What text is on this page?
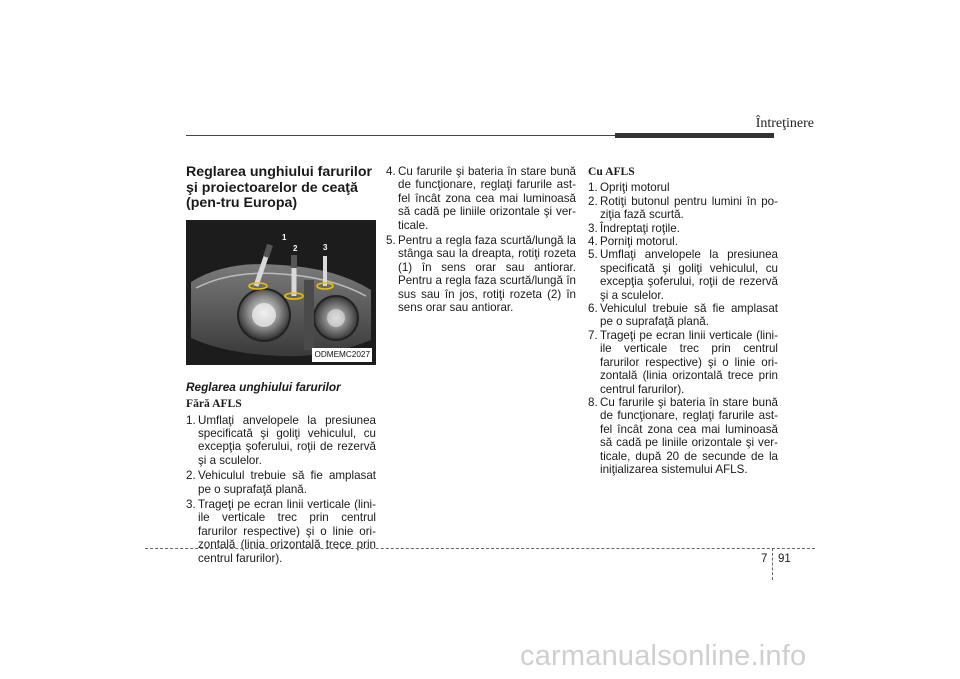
Întreţinere
Reglarea unghiului farurilor şi proiectoarelor de ceaţă (pen-tru Europa)
1
2	3
ODMEMC2027
Reglarea unghiului farurilor
Fără AFLS
1. Umflaţi anvelopele la presiunea specificată şi goliţi vehiculul, cu excepţia şoferului, roţii de rezervă şi a sculelor.
2. Vehiculul trebuie să fie amplasat pe o suprafaţă plană.
3. Trageţi pe ecran linii verticale (lini-ile verticale trec prin centrul farurilor respective) şi o linie ori-zontală (linia orizontală trece prin centrul farurilor).
4. Cu farurile şi bateria în stare bună de funcţionare, reglaţi farurile ast-fel încât zona cea mai luminoasă să cadă pe liniile orizontale şi ver-ticale.
5. Pentru a regla faza scurtă/lungă la stânga sau la dreapta, rotiţi rozeta (1) în sens orar sau antiorar. Pentru a regla faza scurtă/lungă în sus sau în jos, rotiţi rozeta (2) în sens orar sau antiorar.
Cu AFLS
1. Opriţi motorul
2. Rotiţi butonul pentru lumini în po-ziţia fază scurtă.
3. Îndreptaţi roţile.
4. Porniţi motorul.
5. Umflaţi anvelopele la presiunea specificată şi goliţi vehiculul, cu excepţia şoferului, roţii de rezervă şi a sculelor.
6. Vehiculul trebuie să fie amplasat pe o suprafaţă plană.
7. Trageţi pe ecran linii verticale (lini-ile verticale trec prin centrul farurilor respective) şi o linie ori-zontală (linia orizontală trece prin centrul farurilor).
8. Cu farurile şi bateria în stare bună de funcţionare, reglaţi farurile ast-fel încât zona cea mai luminoasă să cadă pe liniile orizontale şi ver-ticale, după 20 de secunde de la iniţializarea sistemului AFLS.
7 91
carmanualsonline.info
